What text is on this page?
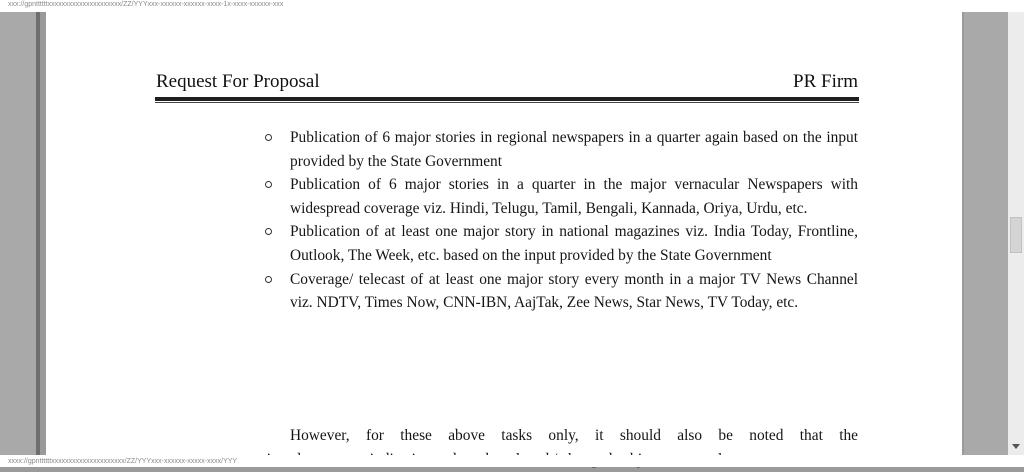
xxx://gpnttttttxxxxxxxxxxxxxxxxxxxxx/ZZ/YYYxxx-xxxxxx-xxxxxx-xxxx-1x-xxxx-xxxxxx-xxx
Request For Proposal	PR Firm
Publication of 6 major stories in regional newspapers in a quarter again based on the input provided by the State Government
Publication of 6 major stories in a quarter in the major vernacular Newspapers with widespread coverage viz. Hindi, Telugu, Tamil, Bengali, Kannada, Oriya, Urdu, etc.
Publication of at least one major story in national magazines viz. India Today, Frontline, Outlook, The Week, etc. based on the input provided by the State Government
Coverage/ telecast of at least one major story every month in a major TV News Channel viz. NDTV, Times Now, CNN-IBN, AajTak, Zee News, Star News, TV Today, etc.

However, for these above tasks only, it should also be noted that the

xxxx://gpnttttttxxxxxxxxxxxxxxxxxxxxx/ZZ/YYYxxx-xxxxxx-xxxxx-xxxx/YYY
